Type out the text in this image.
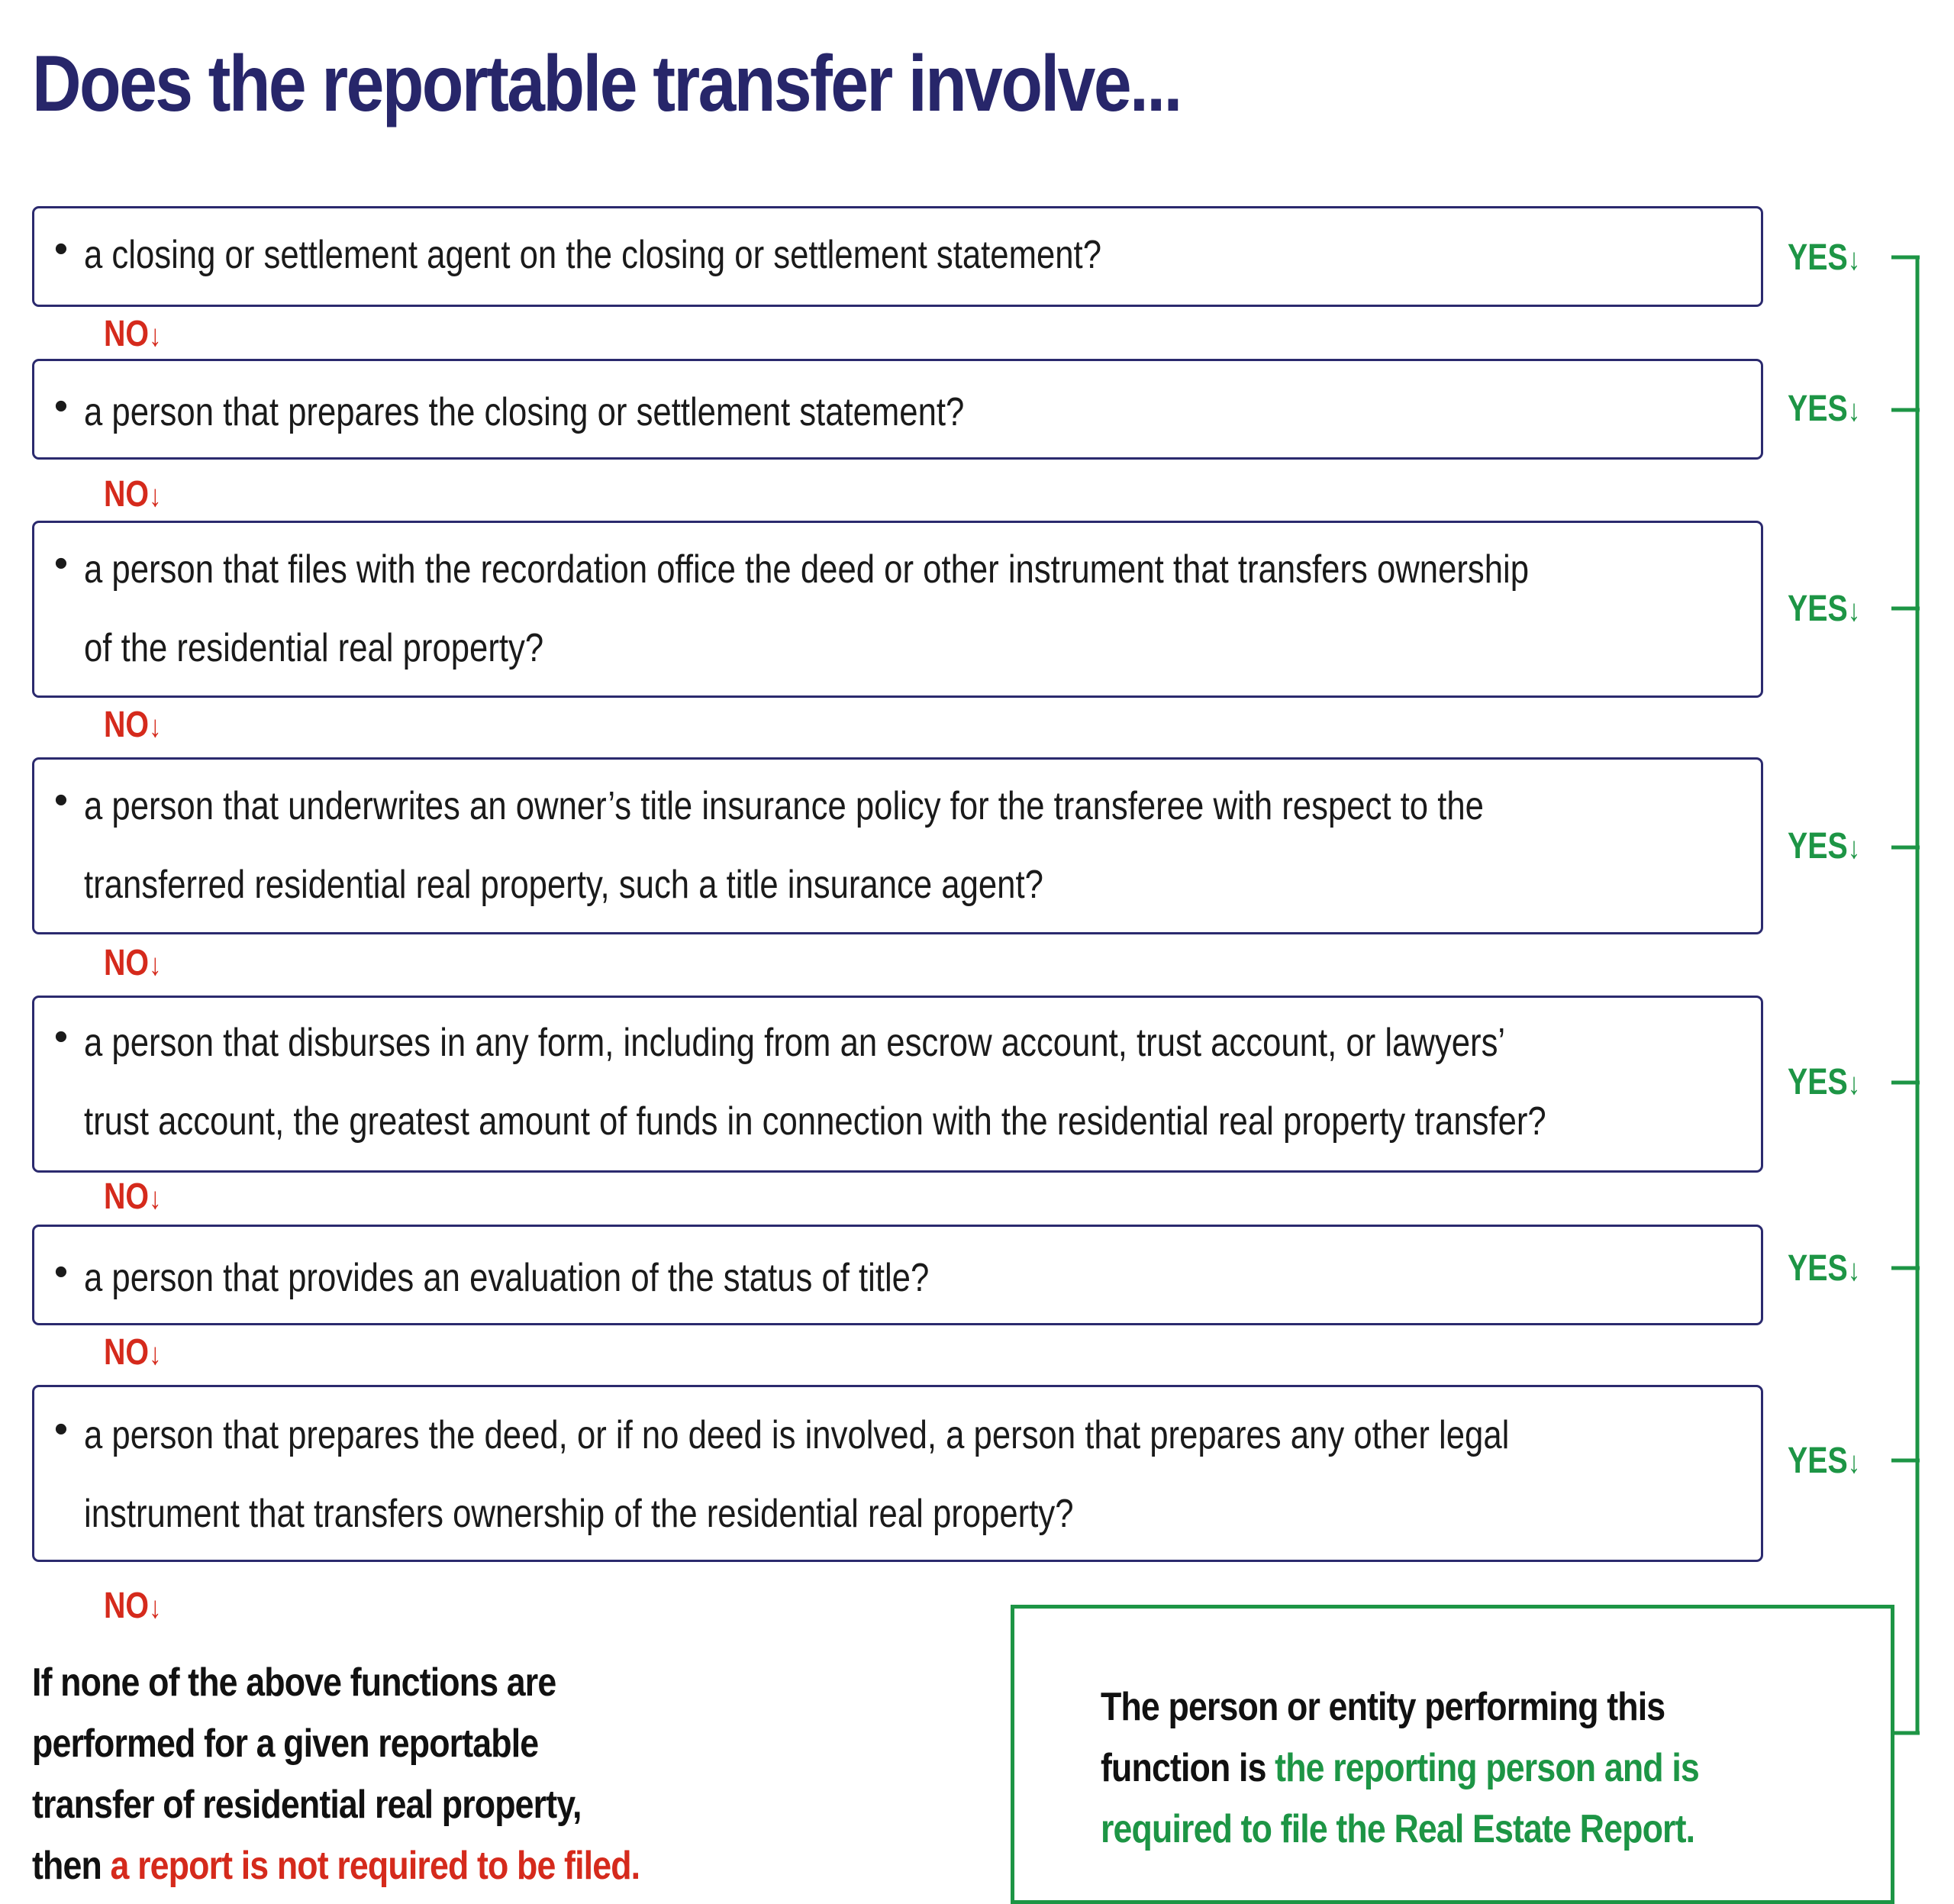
Does the reportable transfer involve...
• a closing or settlement agent on the closing or settlement statement?	YES↓
NO↓
• a person that prepares the closing or settlement statement?	YES↓
NO↓
• a person that files with the recordation office the deed or other instrument that transfers ownership
of the residential real property?
YES↓
NO↓
• a person that underwrites an owner’s title insurance policy for the transferee with respect to the
transferred residential real property, such a title insurance agent?
YES↓
NO↓
• a person that disburses in any form, including from an escrow account, trust account, or lawyers’
trust account, the greatest amount of funds in connection with the residential real property transfer?
YES↓
NO↓
• a person that provides an evaluation of the status of title?	YES↓
NO↓
• a person that prepares the deed, or if no deed is involved, a person that prepares any other legal
instrument that transfers ownership of the residential real property?
YES↓
NO↓
If none of the above functions are
performed for a given reportable
transfer of residential real property,
then a report is not required to be filed.
The person or entity performing this
function is the reporting person and is
required to file the Real Estate Report.
